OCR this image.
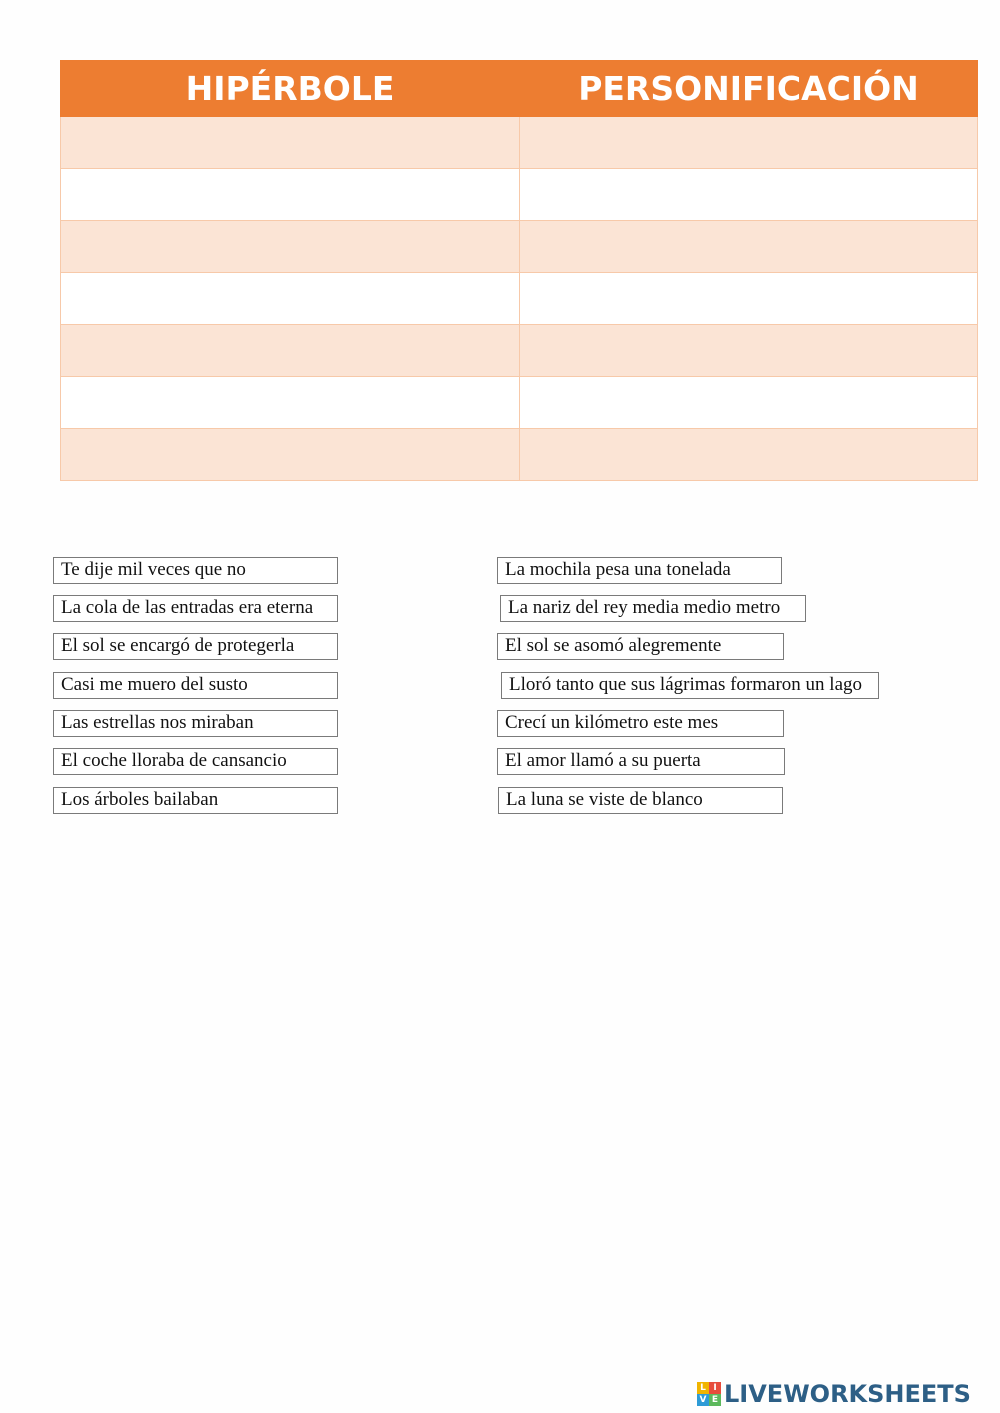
HIPÉRBOLE	PERSONIFICACIÓN

Te dije mil veces que no
La cola de las entradas era eterna
El sol se encargó de protegerla
Casi me muero del susto
Las estrellas nos miraban
El coche lloraba de cansancio
Los árboles bailaban
La mochila pesa una tonelada
La nariz del rey media medio metro
El sol se asomó alegremente
Lloró tanto que sus lágrimas formaron un lago
Crecí un kilómetro este mes
El amor llamó a su puerta
La luna se viste de blanco
L I
V E LIVEWORKSHEETS
